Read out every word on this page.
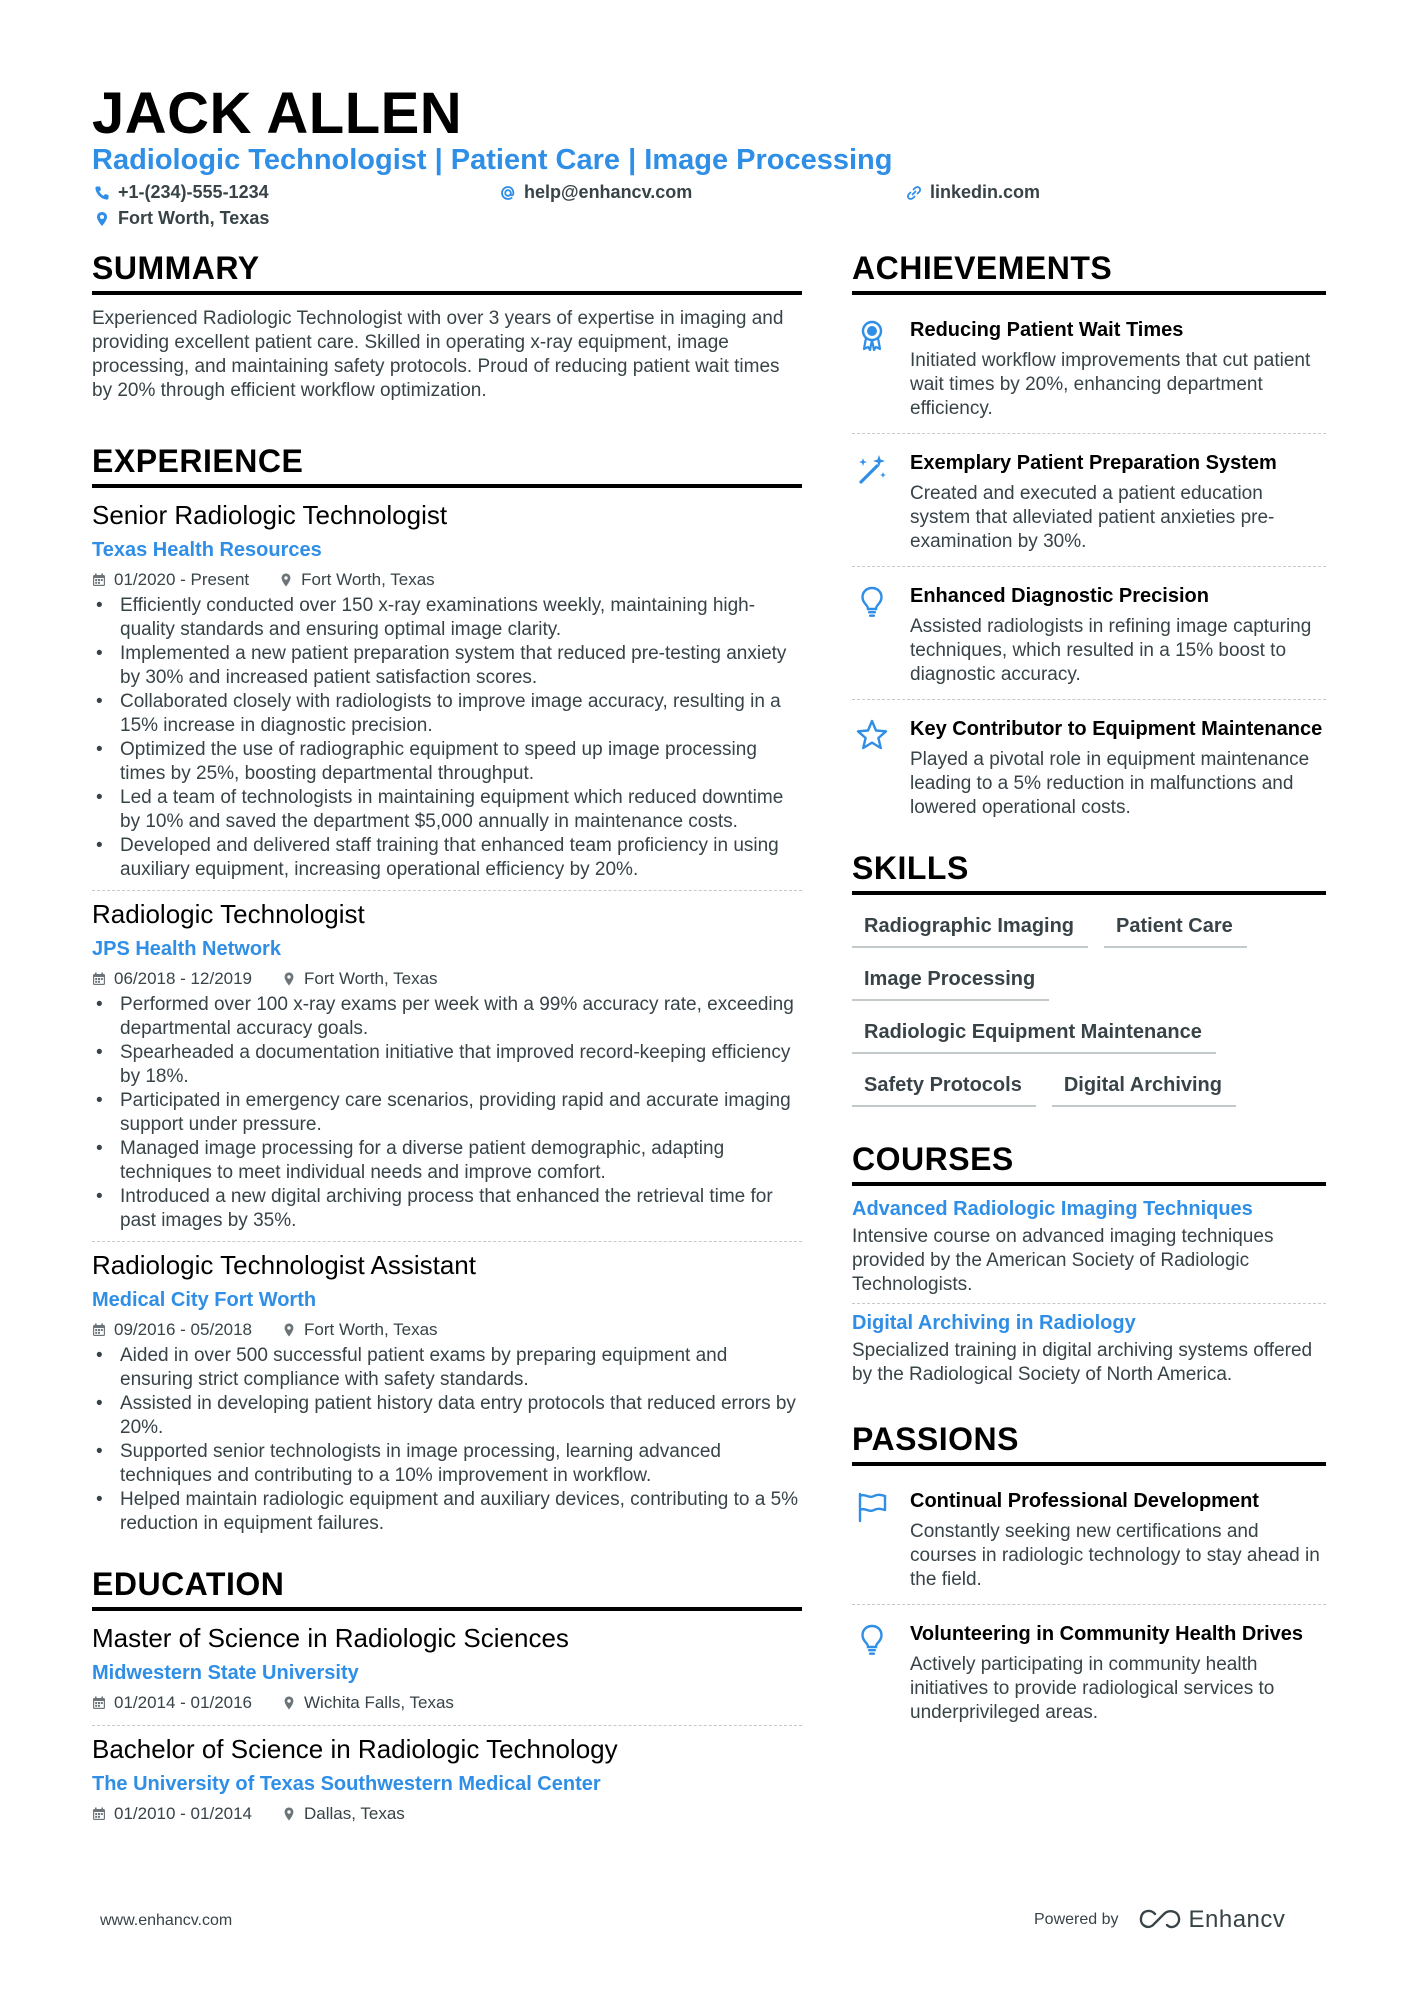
JACK ALLEN
Radiologic Technologist | Patient Care | Image Processing
+1-(234)-555-1234	help@enhancv.com	linkedin.com
Fort Worth, Texas
SUMMARY
Experienced Radiologic Technologist with over 3 years of expertise in imaging and providing excellent patient care. Skilled in operating x-ray equipment, image processing, and maintaining safety protocols. Proud of reducing patient wait times by 20% through efficient workflow optimization.
EXPERIENCE
Senior Radiologic Technologist
Texas Health Resources
01/2020 - Present	Fort Worth, Texas
• Efficiently conducted over 150 x-ray examinations weekly, maintaining high-quality standards and ensuring optimal image clarity.
• Implemented a new patient preparation system that reduced pre-testing anxiety by 30% and increased patient satisfaction scores.
• Collaborated closely with radiologists to improve image accuracy, resulting in a 15% increase in diagnostic precision.
• Optimized the use of radiographic equipment to speed up image processing times by 25%, boosting departmental throughput.
• Led a team of technologists in maintaining equipment which reduced downtime by 10% and saved the department $5,000 annually in maintenance costs.
• Developed and delivered staff training that enhanced team proficiency in using auxiliary equipment, increasing operational efficiency by 20%.
Radiologic Technologist
JPS Health Network
06/2018 - 12/2019	Fort Worth, Texas
• Performed over 100 x-ray exams per week with a 99% accuracy rate, exceeding departmental accuracy goals.
• Spearheaded a documentation initiative that improved record-keeping efficiency by 18%.
• Participated in emergency care scenarios, providing rapid and accurate imaging support under pressure.
• Managed image processing for a diverse patient demographic, adapting techniques to meet individual needs and improve comfort.
• Introduced a new digital archiving process that enhanced the retrieval time for past images by 35%.
Radiologic Technologist Assistant
Medical City Fort Worth
09/2016 - 05/2018	Fort Worth, Texas
• Aided in over 500 successful patient exams by preparing equipment and ensuring strict compliance with safety standards.
• Assisted in developing patient history data entry protocols that reduced errors by 20%.
• Supported senior technologists in image processing, learning advanced techniques and contributing to a 10% improvement in workflow.
• Helped maintain radiologic equipment and auxiliary devices, contributing to a 5% reduction in equipment failures.
EDUCATION
Master of Science in Radiologic Sciences
Midwestern State University
01/2014 - 01/2016	Wichita Falls, Texas
Bachelor of Science in Radiologic Technology
The University of Texas Southwestern Medical Center
01/2010 - 01/2014	Dallas, Texas
ACHIEVEMENTS
Reducing Patient Wait Times
Initiated workflow improvements that cut patient wait times by 20%, enhancing department efficiency.
Exemplary Patient Preparation System
Created and executed a patient education system that alleviated patient anxieties pre-examination by 30%.
Enhanced Diagnostic Precision
Assisted radiologists in refining image capturing techniques, which resulted in a 15% boost to diagnostic accuracy.
Key Contributor to Equipment Maintenance
Played a pivotal role in equipment maintenance leading to a 5% reduction in malfunctions and lowered operational costs.
SKILLS
Radiographic Imaging	Patient Care
Image Processing
Radiologic Equipment Maintenance
Safety Protocols	Digital Archiving
COURSES
Advanced Radiologic Imaging Techniques
Intensive course on advanced imaging techniques provided by the American Society of Radiologic Technologists.
Digital Archiving in Radiology
Specialized training in digital archiving systems offered by the Radiological Society of North America.
PASSIONS
Continual Professional Development
Constantly seeking new certifications and courses in radiologic technology to stay ahead in the field.
Volunteering in Community Health Drives
Actively participating in community health initiatives to provide radiological services to underprivileged areas.
www.enhancv.com	Powered by	Enhancv
